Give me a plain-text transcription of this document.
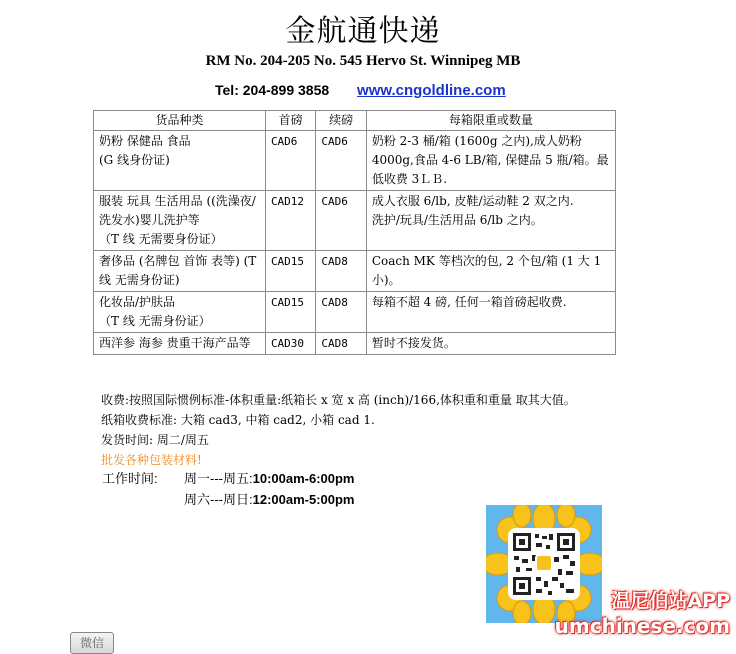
金航通快递
RM No. 204-205 No. 545 Hervo St. Winnipeg MB
Tel: 204-899 3858 www.cngoldline.com
货品种类	首磅	续磅	每箱限重或数量
奶粉 保健品 食品
(G 线身份证)	CAD6	CAD6	奶粉 2-3 桶/箱 (1600g 之内),成人奶粉 4000g,食品 4-6 LB/箱, 保健品 5 瓶/箱。最低收费 3ＬＢ.
服装 玩具 生活用品 ((洗澡夜/洗发水)婴儿洗护等
（T 线 无需要身份证）	CAD12	CAD6	成人衣服 6/lb, 皮鞋/运动鞋 2 双之内.
洗护/玩具/生活用品 6/lb 之内。
奢侈品 (名牌包 首饰 表等) (T 线 无需身份证)	CAD15	CAD8	Coach MK 等档次的包, 2 个包/箱 (1 大 1 小)。
化妆品/护肤品
（T 线 无需身份证）	CAD15	CAD8	每箱不超 4 磅, 任何一箱首磅起收费.
西洋参 海参 贵重干海产品等	CAD30	CAD8	暂时不接发货。
收费:按照国际惯例标准-体积重量:纸箱长 x 宽 x 高 (inch)/166,体积重和重量 取其大值。
纸箱收费标准: 大箱 cad3, 中箱 cad2, 小箱 cad 1.
发货时间: 周二/周五
批发各种包装材料!
工作时间: 周一---周五:10:00am-6:00pm
周六---周日:12:00am-5:00pm
温尼伯站APP
umchinese.com
微信
